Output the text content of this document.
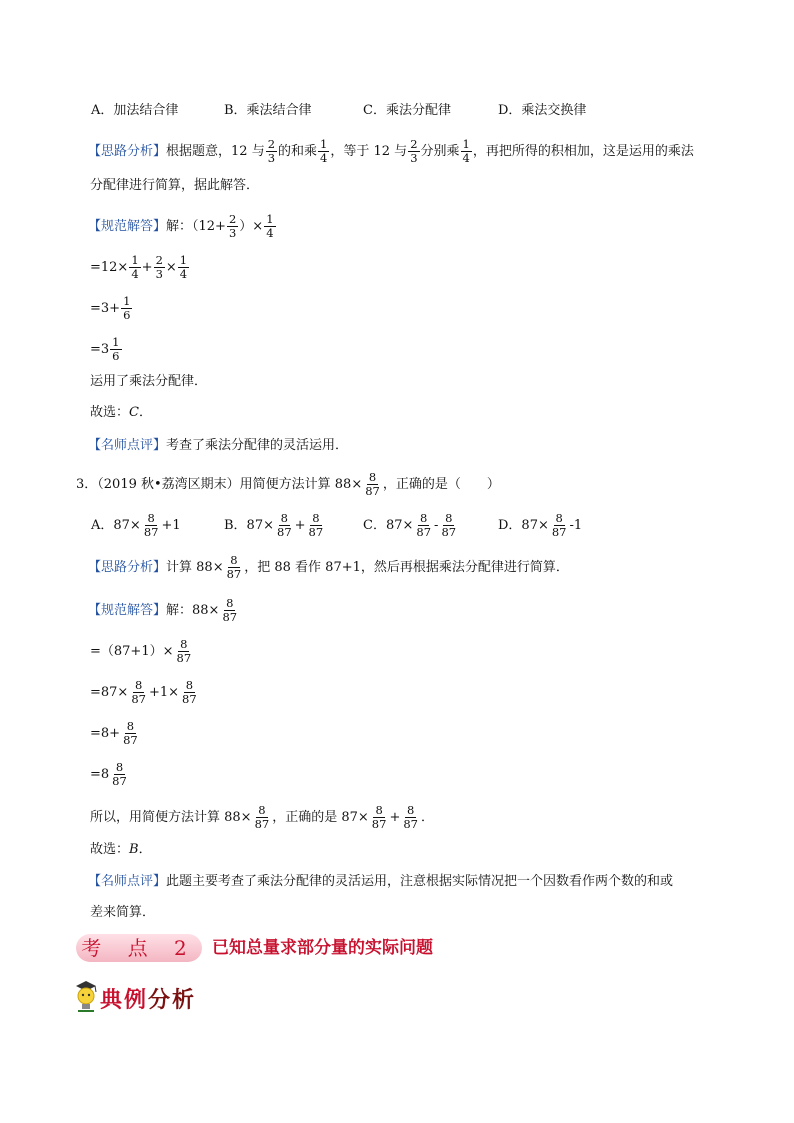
A．加法结合律	B．乘法结合律	C．乘法分配律	D．乘法交换律
【思路分析】根据题意，12 与 $\frac{2}{3}$ 的和乘 $\frac{1}{4}$ ，等于 12 与 $\frac{2}{3}$ 分别乘 $\frac{1}{4}$ ，再把所得的积相加，这是运用的乘法
分配律进行简算，据此解答．
【规范解答】解：（$12+ \frac{2}{3}$ ）× $\frac{1}{4}$
$=12\times \frac{1}{4} + \frac{2}{3} \times \frac{1}{4}$
$=3+ \frac{1}{6}$
$=3 \frac{1}{6}$
运用了乘法分配律．
故选：C．
【名师点评】考查了乘法分配律的灵活运用．
3．（2019 秋•荔湾区期末）用简便方法计算 $88\times \frac{8}{87}$ ，正确的是（　　）
A．$87\times \frac{8}{87} +1$	B．$87\times \frac{8}{87} + \frac{8}{87}$	C．$87\times \frac{8}{87} - \frac{8}{87}$	D．$87\times \frac{8}{87} -1$
【思路分析】计算 $88\times \frac{8}{87}$ ，把 88 看作 87+1，然后再根据乘法分配律进行简算．
【规范解答】解：$88\times \frac{8}{87}$
$=(87+1)\times \frac{8}{87}$
$=87\times \frac{8}{87} +1\times \frac{8}{87}$
$=8+ \frac{8}{87}$
$=8 \frac{8}{87}$
所以，用简便方法计算 $88\times \frac{8}{87}$ ，正确的是 $87\times \frac{8}{87} + \frac{8}{87}$ ．
故选：B．
【名师点评】此题主要考查了乘法分配律的灵活运用，注意根据实际情况把一个因数看作两个数的和或
差来简算．
考 点 2 已知总量求部分量的实际问题
典例分析
